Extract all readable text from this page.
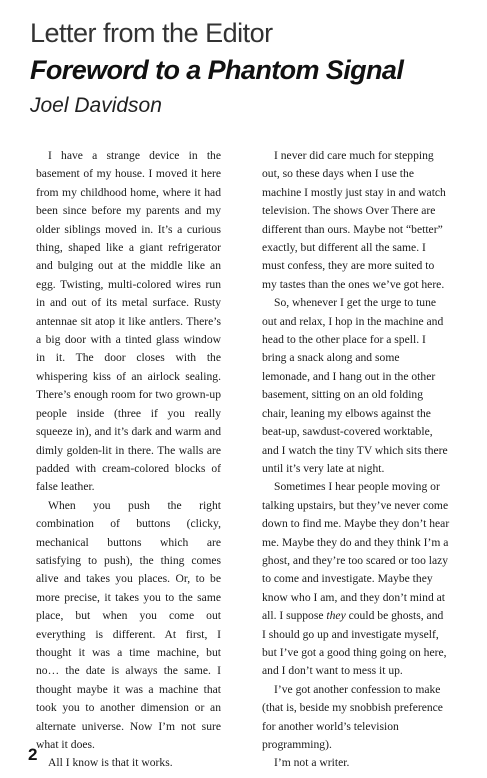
Letter from the Editor
Foreword to a Phantom Signal
Joel Davidson

I have a strange device in the basement of my house. I moved it here from my childhood home, where it had been since before my parents and my older siblings moved in. It’s a curious thing, shaped like a giant refrigerator and bulging out at the middle like an egg. Twisting, multi-colored wires run in and out of its metal surface. Rusty antennae sit atop it like antlers. There’s a big door with a tinted glass window in it. The door closes with the whispering kiss of an airlock sealing. There’s enough room for two grown-up people inside (three if you really squeeze in), and it’s dark and warm and dimly golden-lit in there. The walls are padded with cream-colored blocks of false leather.

When you push the right combination of buttons (clicky, mechanical buttons which are satisfying to push), the thing comes alive and takes you places. Or, to be more precise, it takes you to the same place, but when you come out everything is different. At first, I thought it was a time machine, but no… the date is always the same. I thought maybe it was a machine that took you to another dimension or an alternate universe. Now I’m not sure what it does.

All I know is that it works.

I never did care much for stepping out, so these days when I use the machine I mostly just stay in and watch television. The shows Over There are different than ours. Maybe not “better” exactly, but different all the same. I must confess, they are more suited to my tastes than the ones we’ve got here.

So, whenever I get the urge to tune out and relax, I hop in the machine and head to the other place for a spell. I bring a snack along and some lemonade, and I hang out in the other basement, sitting on an old folding chair, leaning my elbows against the beat-up, sawdust-covered worktable, and I watch the tiny TV which sits there until it’s very late at night.

Sometimes I hear people moving or talking upstairs, but they’ve never come down to find me. Maybe they don’t hear me. Maybe they do and they think I’m a ghost, and they’re too scared or too lazy to come and investigate. Maybe they know who I am, and they don’t mind at all. I suppose they could be ghosts, and I should go up and investigate myself, but I’ve got a good thing going on here, and I don’t want to mess it up.

I’ve got another confession to make (that is, beside my snobbish preference for another world’s television programming).

I’m not a writer.

2
